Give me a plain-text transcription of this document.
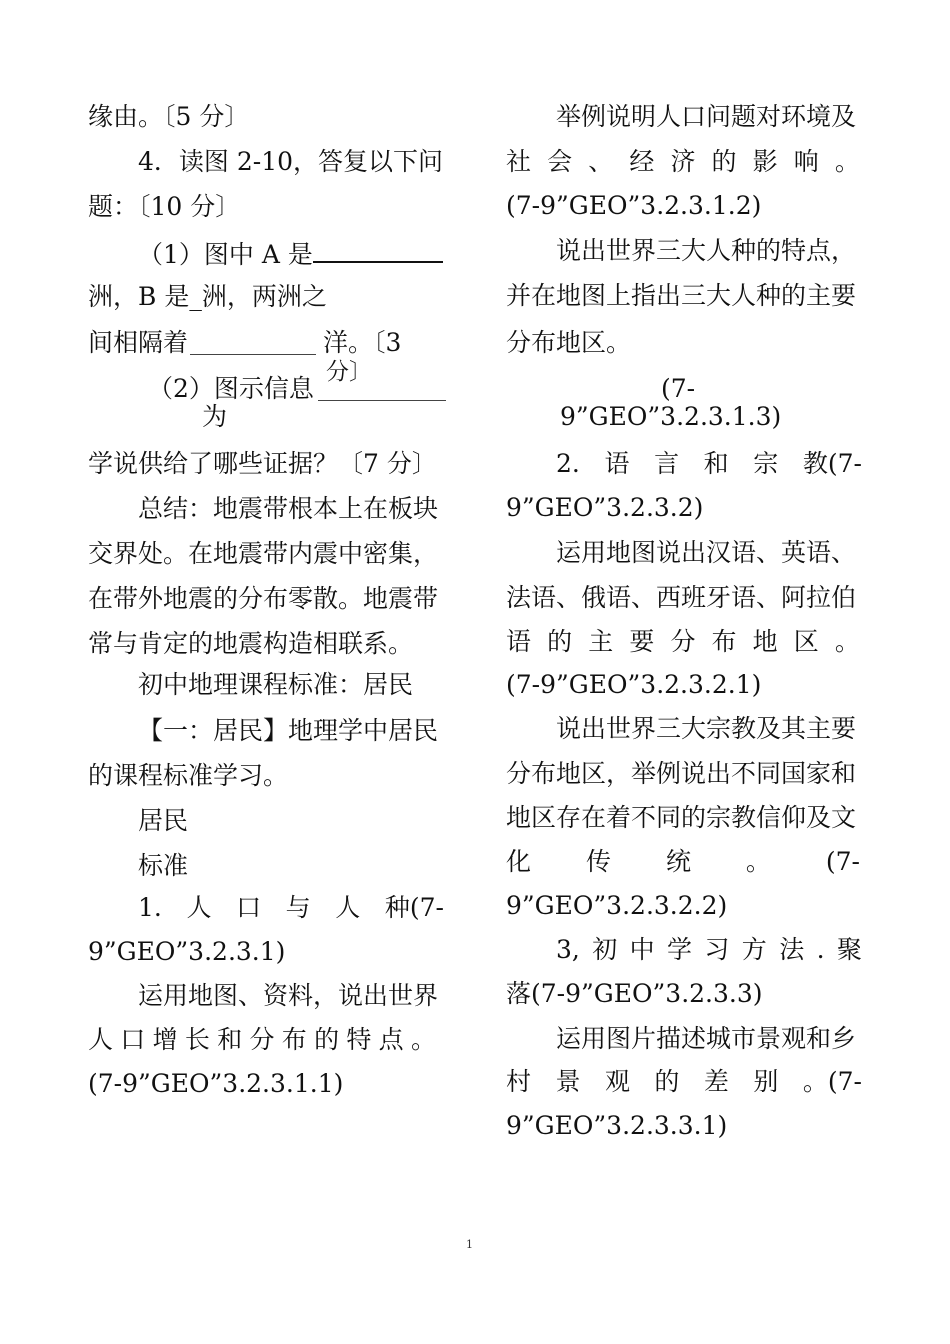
缘由。〔5 分〕
4．读图 2-10，答复以下问
题：〔10 分〕
（1）图中 A 是
洲，B 是_洲，两洲之
间相隔着	洋。〔3
分〕
（2）图示信息
为
学说供给了哪些证据？〔7 分〕
总结：地震带根本上在板块
交界处。在地震带内震中密集，
在带外地震的分布零散。地震带
常与肯定的地震构造相联系。
初中地理课程标准：居民
【一：居民】地理学中居民
的课程标准学习。
居民
标准
1. 人 口 与 人 种(7-
9”GEO”3.2.3.1)
运用地图、资料，说出世界
人 口 增 长 和 分 布 的 特 点 。
(7-9”GEO”3.2.3.1.1)
举例说明人口问题对环境及
社 会 、 经 济 的 影 响 。
(7-9”GEO”3.2.3.1.2)
说出世界三大人种的特点，
并在地图上指出三大人种的主要
分布地区。
(7-
9”GEO”3.2.3.1.3)
2. 语 言 和 宗 教(7-
9”GEO”3.2.3.2)
运用地图说出汉语、英语、
法语、俄语、西班牙语、阿拉伯
语 的 主 要 分 布 地 区 。
(7-9”GEO”3.2.3.2.1)
说出世界三大宗教及其主要
分布地区，举例说出不同国家和
地区存在着不同的宗教信仰及文
化 传 统 。 (7-
9”GEO”3.2.3.2.2)
3, 初 中 学 习 方 法 . 聚
落(7-9”GEO”3.2.3.3)
运用图片描述城市景观和乡
村 景 观 的 差 别 。(7-
9”GEO”3.2.3.3.1)
1
